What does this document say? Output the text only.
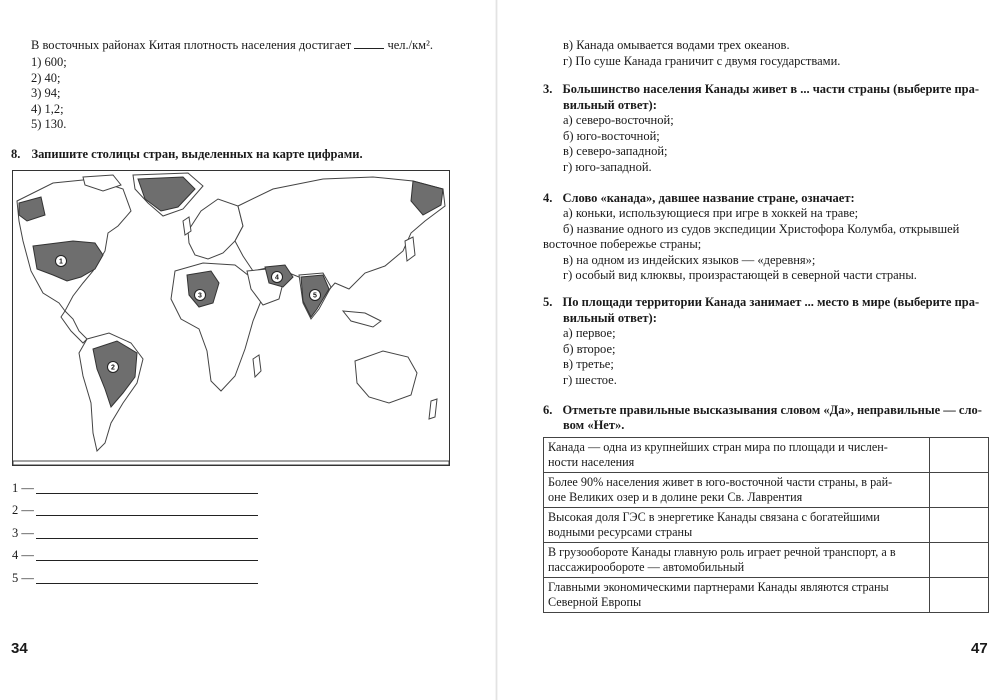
В восточных районах Китая плотность населения достигает	чел./км².
1) 600;
2) 40;
3) 94;
4) 1,2;
5) 130.
8. Запишите столицы стран, выделенных на карте цифрами.
1
2
3
4
5
1 —
2 —
3 —
4 —
5 —
34
в) Канада омывается водами трех океанов.
г) По суше Канада граничит с двумя государствами.
3. Большинство населения Канады живет в ... части страны (выберите пра-
вильный ответ):
а) северо-восточной;
б) юго-восточной;
в) северо-западной;
г) юго-западной.
4. Слово «канада», давшее название стране, означает:
а) коньки, использующиеся при игре в хоккей на траве;
б) название одного из судов экспедиции Христофора Колумба, открывшей
восточное побережье страны;
в) на одном из индейских языков — «деревня»;
г) особый вид клюквы, произрастающей в северной части страны.
5. По площади территории Канада занимает ... место в мире (выберите пра-
вильный ответ):
а) первое;
б) второе;
в) третье;
г) шестое.
6. Отметьте правильные высказывания словом «Да», неправильные — сло-
вом «Нет».
Канада — одна из крупнейших стран мира по площади и числен-
ности населения	
Более 90% населения живет в юго-восточной части страны, в рай-
оне Великих озер и в долине реки Св. Лаврентия	
Высокая доля ГЭС в энергетике Канады связана с богатейшими
водными ресурсами страны	
В грузообороте Канады главную роль играет речной транспорт, а в
пассажирообороте — автомобильный	
Главными экономическими партнерами Канады являются страны
Северной Европы	
47
